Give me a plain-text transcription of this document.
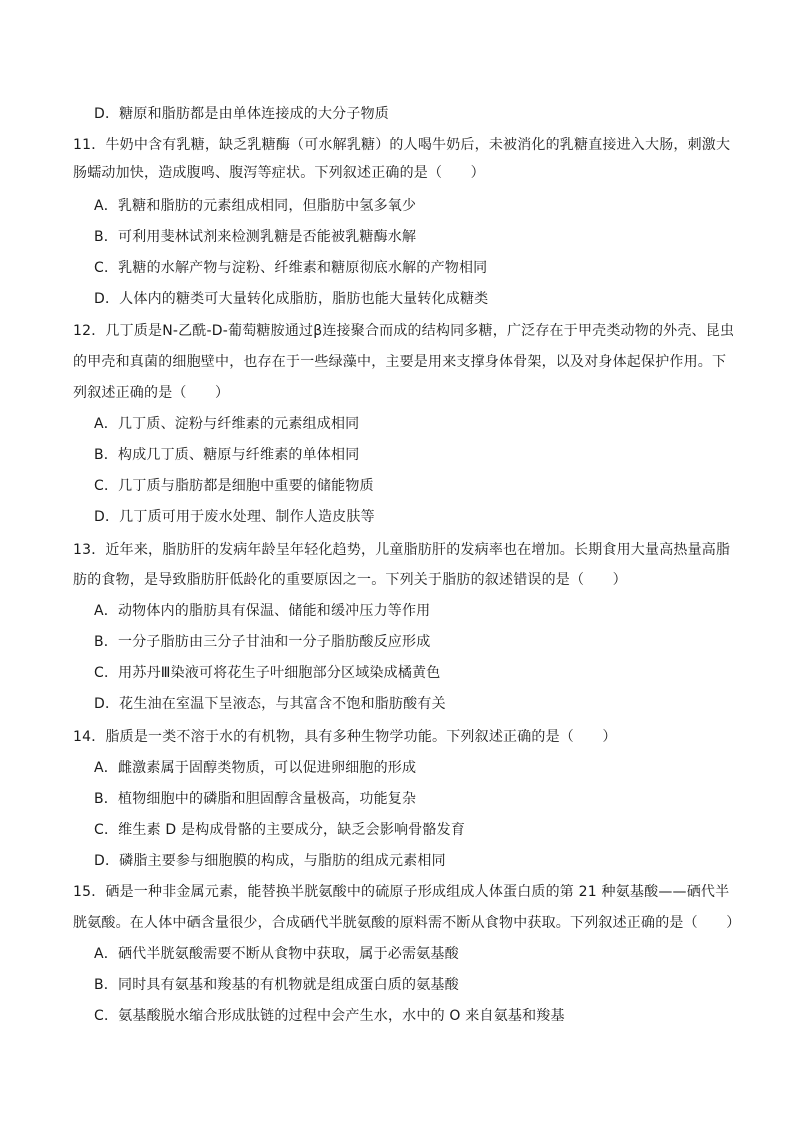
D．糖原和脂肪都是由单体连接成的大分子物质
11．牛奶中含有乳糖，缺乏乳糖酶（可水解乳糖）的人喝牛奶后，未被消化的乳糖直接进入大肠，刺激大
肠蠕动加快，造成腹鸣、腹泻等症状。下列叙述正确的是（　　）
A．乳糖和脂肪的元素组成相同，但脂肪中氢多氧少
B．可利用斐林试剂来检测乳糖是否能被乳糖酶水解
C．乳糖的水解产物与淀粉、纤维素和糖原彻底水解的产物相同
D．人体内的糖类可大量转化成脂肪，脂肪也能大量转化成糖类
12．几丁质是N-乙酰-D-葡萄糖胺通过β连接聚合而成的结构同多糖，广泛存在于甲壳类动物的外壳、昆虫
的甲壳和真菌的细胞壁中，也存在于一些绿藻中，主要是用来支撑身体骨架，以及对身体起保护作用。下
列叙述正确的是（　　）
A．几丁质、淀粉与纤维素的元素组成相同
B．构成几丁质、糖原与纤维素的单体相同
C．几丁质与脂肪都是细胞中重要的储能物质
D．几丁质可用于废水处理、制作人造皮肤等
13．近年来，脂肪肝的发病年龄呈年轻化趋势，儿童脂肪肝的发病率也在增加。长期食用大量高热量高脂
肪的食物，是导致脂肪肝低龄化的重要原因之一。下列关于脂肪的叙述错误的是（　　）
A．动物体内的脂肪具有保温、储能和缓冲压力等作用
B．一分子脂肪由三分子甘油和一分子脂肪酸反应形成
C．用苏丹Ⅲ染液可将花生子叶细胞部分区域染成橘黄色
D．花生油在室温下呈液态，与其富含不饱和脂肪酸有关
14．脂质是一类不溶于水的有机物，具有多种生物学功能。下列叙述正确的是（　　）
A．雌激素属于固醇类物质，可以促进卵细胞的形成
B．植物细胞中的磷脂和胆固醇含量极高，功能复杂
C．维生素 D 是构成骨骼的主要成分，缺乏会影响骨骼发育
D．磷脂主要参与细胞膜的构成，与脂肪的组成元素相同
15．硒是一种非金属元素，能替换半胱氨酸中的硫原子形成组成人体蛋白质的第 21 种氨基酸——硒代半
胱氨酸。在人体中硒含量很少，合成硒代半胱氨酸的原料需不断从食物中获取。下列叙述正确的是（　　）
A．硒代半胱氨酸需要不断从食物中获取，属于必需氨基酸
B．同时具有氨基和羧基的有机物就是组成蛋白质的氨基酸
C．氨基酸脱水缩合形成肽链的过程中会产生水，水中的 O 来自氨基和羧基
